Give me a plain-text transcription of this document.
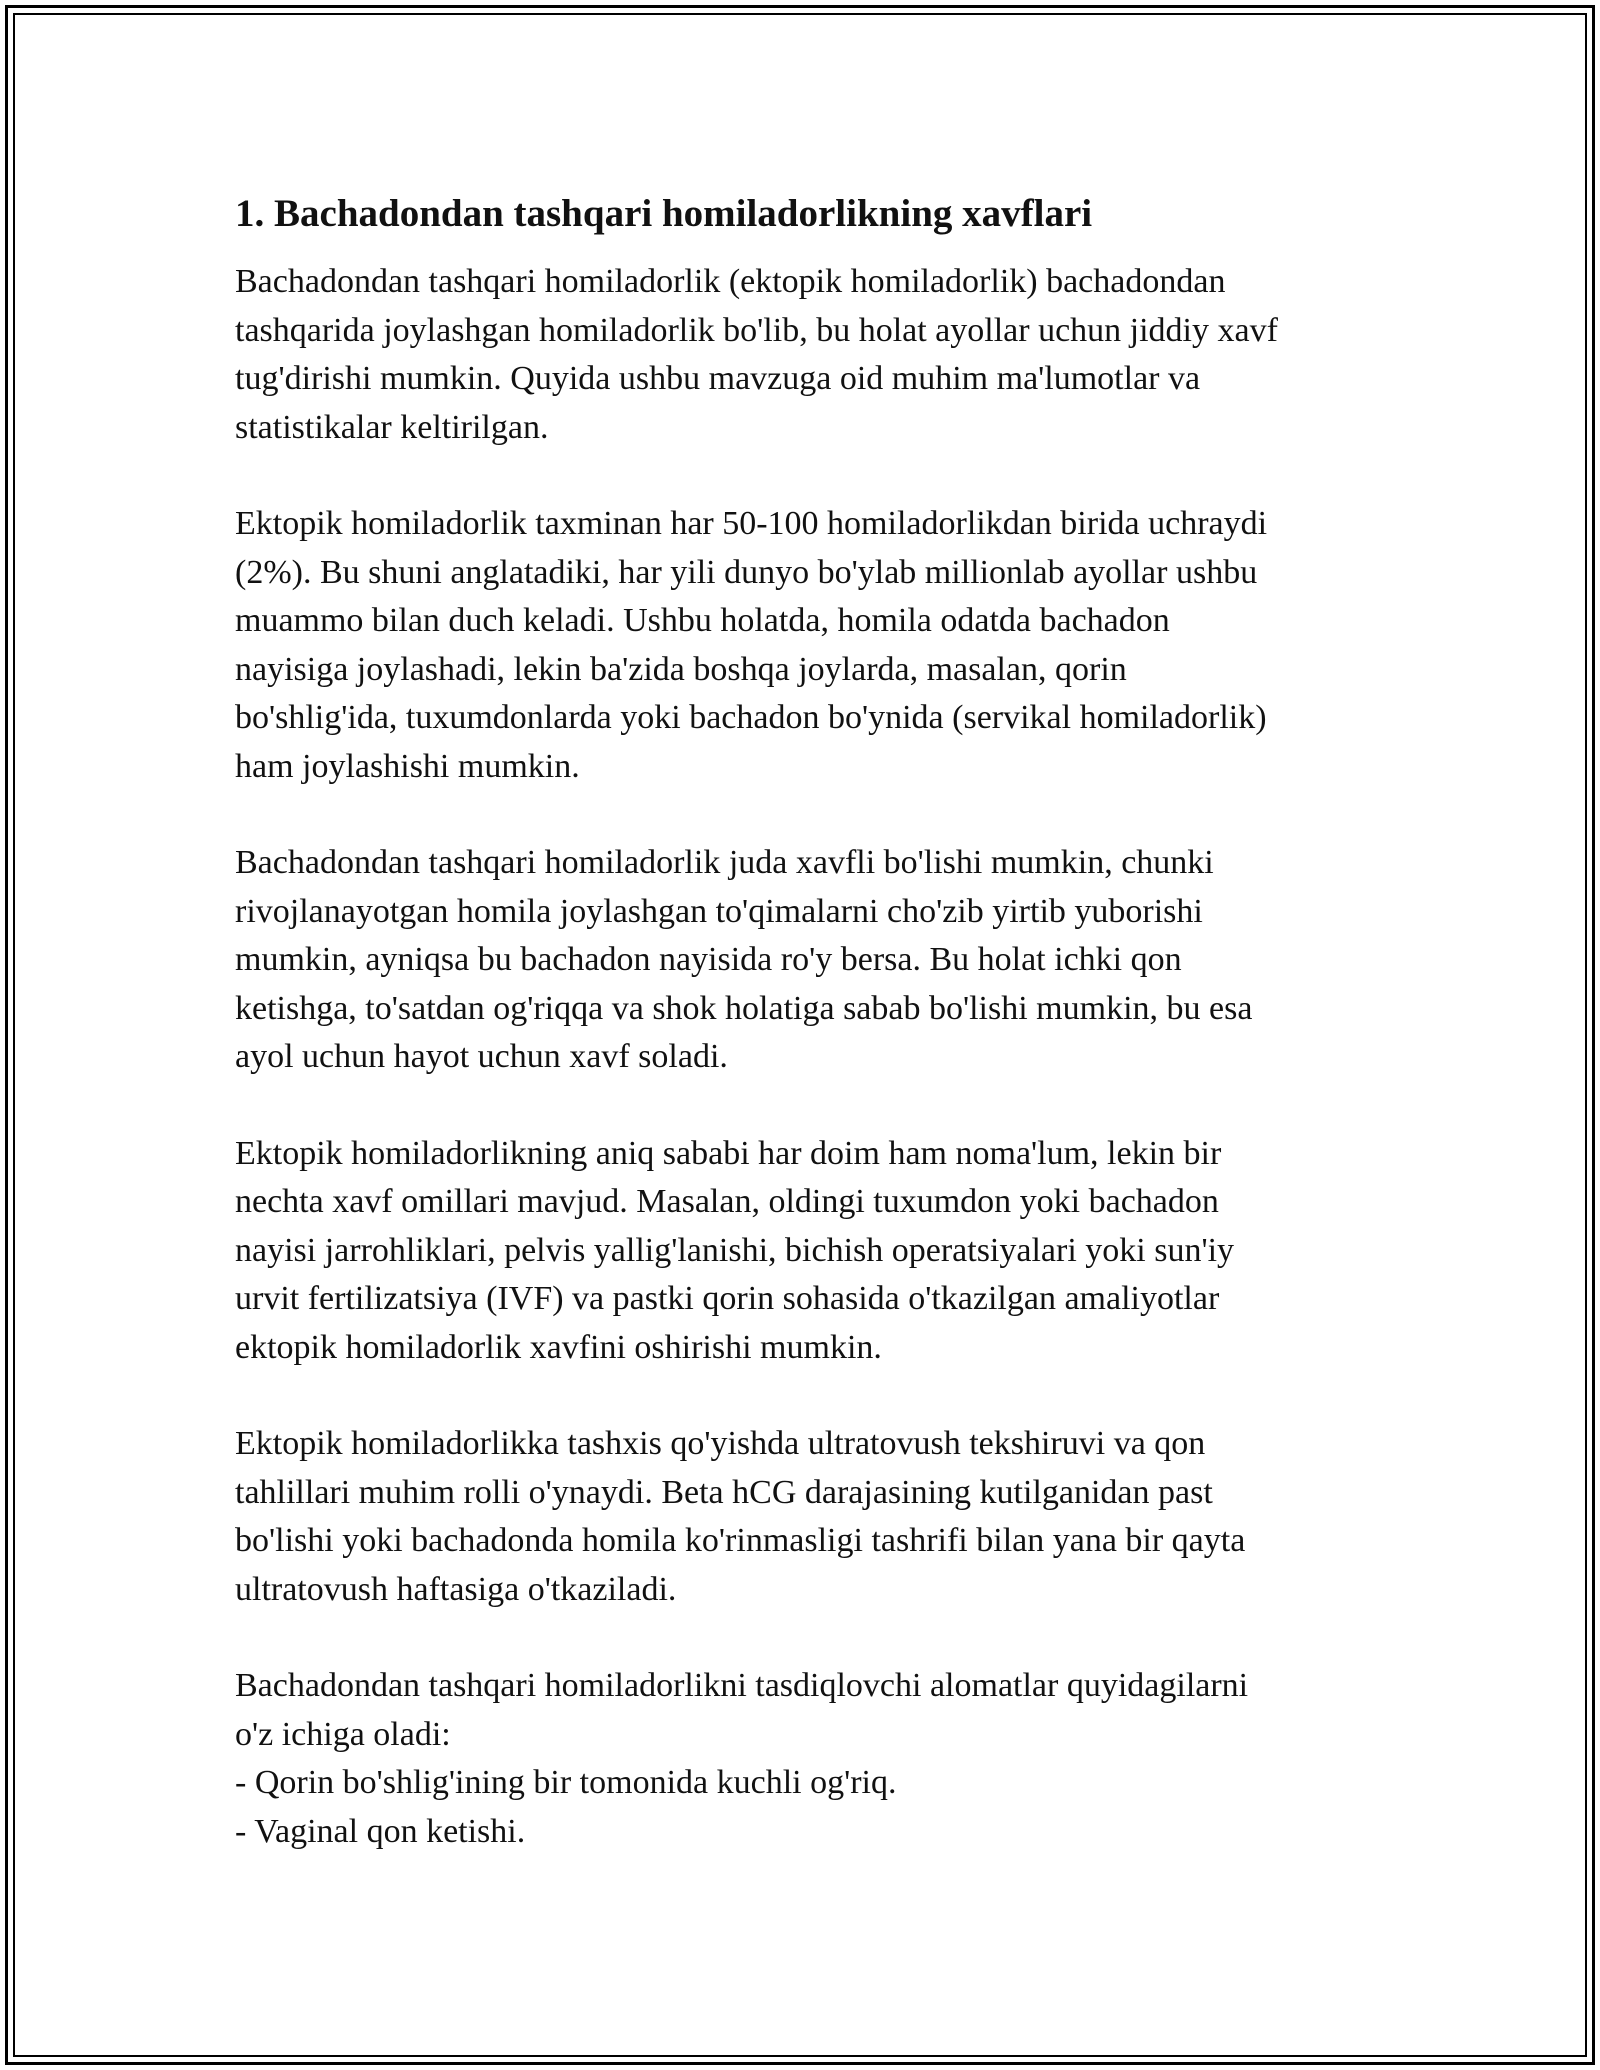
1. Bachadondan tashqari homiladorlikning xavflari

Bachadondan tashqari homiladorlik (ektopik homiladorlik) bachadondan
tashqarida joylashgan homiladorlik bo'lib, bu holat ayollar uchun jiddiy xavf
tug'dirishi mumkin. Quyida ushbu mavzuga oid muhim ma'lumotlar va
statistikalar keltirilgan.

Ektopik homiladorlik taxminan har 50-100 homiladorlikdan birida uchraydi
(2%). Bu shuni anglatadiki, har yili dunyo bo'ylab millionlab ayollar ushbu
muammo bilan duch keladi. Ushbu holatda, homila odatda bachadon
nayisiga joylashadi, lekin ba'zida boshqa joylarda, masalan, qorin
bo'shlig'ida, tuxumdonlarda yoki bachadon bo'ynida (servikal homiladorlik)
ham joylashishi mumkin.

Bachadondan tashqari homiladorlik juda xavfli bo'lishi mumkin, chunki
rivojlanayotgan homila joylashgan to'qimalarni cho'zib yirtib yuborishi
mumkin, ayniqsa bu bachadon nayisida ro'y bersa. Bu holat ichki qon
ketishga, to'satdan og'riqqa va shok holatiga sabab bo'lishi mumkin, bu esa
ayol uchun hayot uchun xavf soladi.

Ektopik homiladorlikning aniq sababi har doim ham noma'lum, lekin bir
nechta xavf omillari mavjud. Masalan, oldingi tuxumdon yoki bachadon
nayisi jarrohliklari, pelvis yallig'lanishi, bichish operatsiyalari yoki sun'iy
urvit fertilizatsiya (IVF) va pastki qorin sohasida o'tkazilgan amaliyotlar
ektopik homiladorlik xavfini oshirishi mumkin.

Ektopik homiladorlikka tashxis qo'yishda ultratovush tekshiruvi va qon
tahlillari muhim rolli o'ynaydi. Beta hCG darajasining kutilganidan past
bo'lishi yoki bachadonda homila ko'rinmasligi tashrifi bilan yana bir qayta
ultratovush haftasiga o'tkaziladi.

Bachadondan tashqari homiladorlikni tasdiqlovchi alomatlar quyidagilarni
o'z ichiga oladi:
- Qorin bo'shlig'ining bir tomonida kuchli og'riq.
- Vaginal qon ketishi.
